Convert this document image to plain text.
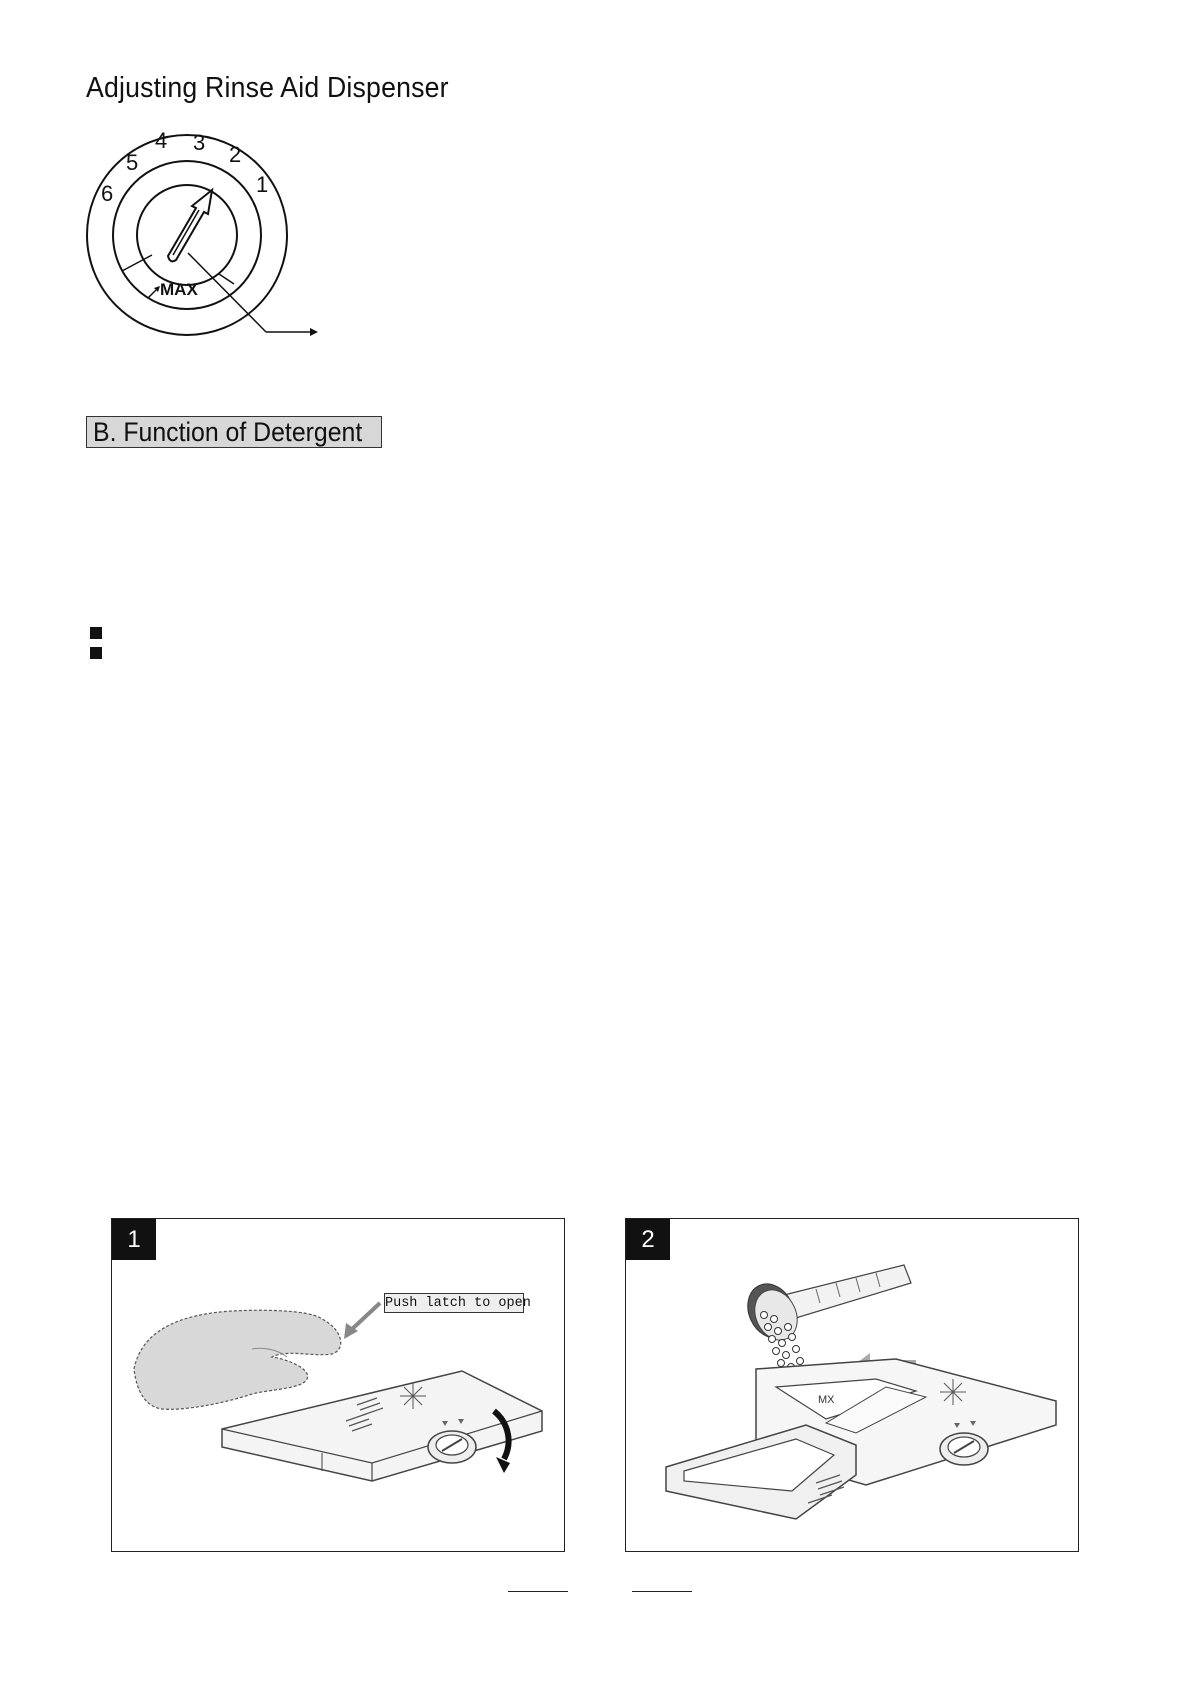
Adjusting Rinse Aid Dispenser
6
5
4 3 2
1
MAX
B. Function of Detergent
1
Push latch to open
2
MX
